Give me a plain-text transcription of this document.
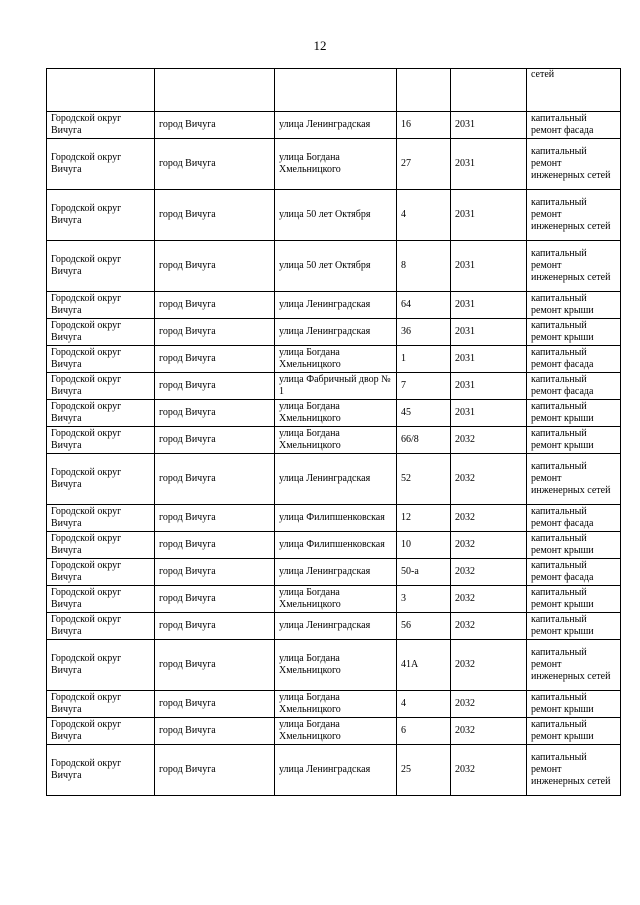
12
					сетей
Городской округ Вичуга	город Вичуга	улица Ленинградская	16	2031	капитальный ремонт фасада
Городской округ Вичуга	город Вичуга	улица Богдана Хмельницкого	27	2031	капитальный ремонт инженерных сетей
Городской округ Вичуга	город Вичуга	улица 50 лет Октября	4	2031	капитальный ремонт инженерных сетей
Городской округ Вичуга	город Вичуга	улица 50 лет Октября	8	2031	капитальный ремонт инженерных сетей
Городской округ Вичуга	город Вичуга	улица Ленинградская	64	2031	капитальный ремонт крыши
Городской округ Вичуга	город Вичуга	улица Ленинградская	36	2031	капитальный ремонт крыши
Городской округ Вичуга	город Вичуга	улица Богдана Хмельницкого	1	2031	капитальный ремонт фасада
Городской округ Вичуга	город Вичуга	улица Фабричный двор № 1	7	2031	капитальный ремонт фасада
Городской округ Вичуга	город Вичуга	улица Богдана Хмельницкого	45	2031	капитальный ремонт крыши
Городской округ Вичуга	город Вичуга	улица Богдана Хмельницкого	66/8	2032	капитальный ремонт крыши
Городской округ Вичуга	город Вичуга	улица Ленинградская	52	2032	капитальный ремонт инженерных сетей
Городской округ Вичуга	город Вичуга	улица Филипшенковская	12	2032	капитальный ремонт фасада
Городской округ Вичуга	город Вичуга	улица Филипшенковская	10	2032	капитальный ремонт крыши
Городской округ Вичуга	город Вичуга	улица Ленинградская	50-а	2032	капитальный ремонт фасада
Городской округ Вичуга	город Вичуга	улица Богдана Хмельницкого	3	2032	капитальный ремонт крыши
Городской округ Вичуга	город Вичуга	улица Ленинградская	56	2032	капитальный ремонт крыши
Городской округ Вичуга	город Вичуга	улица Богдана Хмельницкого	41А	2032	капитальный ремонт инженерных сетей
Городской округ Вичуга	город Вичуга	улица Богдана Хмельницкого	4	2032	капитальный ремонт крыши
Городской округ Вичуга	город Вичуга	улица Богдана Хмельницкого	6	2032	капитальный ремонт крыши
Городской округ Вичуга	город Вичуга	улица Ленинградская	25	2032	капитальный ремонт инженерных сетей
